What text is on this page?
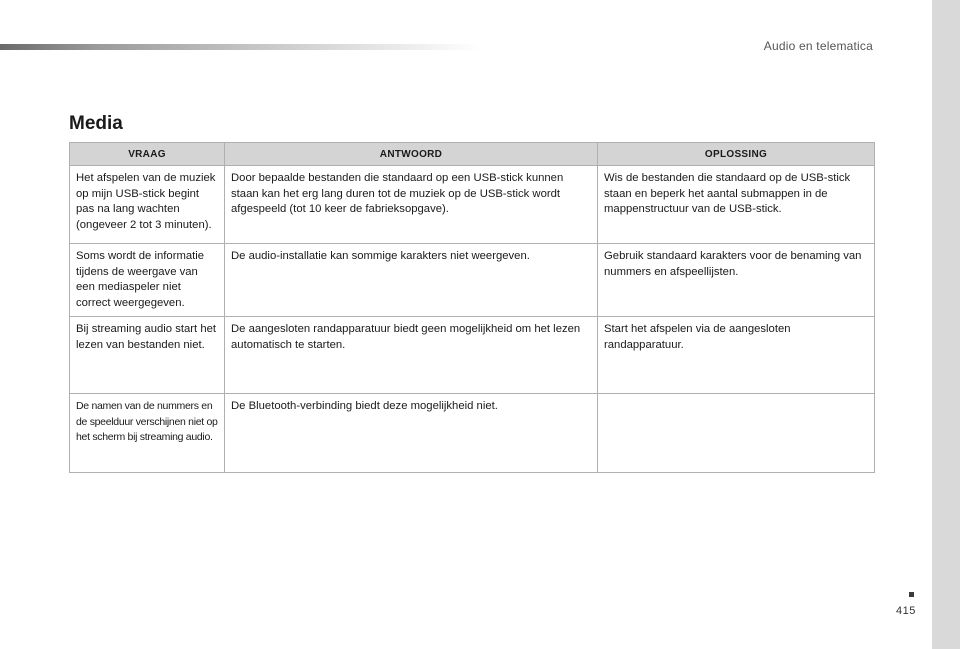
Audio en telematica
Media
VRAAG	ANTWOORD	OPLOSSING
Het afspelen van de muziek op mijn USB-stick begint pas na lang wachten (ongeveer 2 tot 3 minuten).	Door bepaalde bestanden die standaard op een USB-stick kunnen staan kan het erg lang duren tot de muziek op de USB-stick wordt afgespeeld (tot 10 keer de fabrieksopgave).	Wis de bestanden die standaard op de USB-stick staan en beperk het aantal submappen in de mappenstructuur van de USB-stick.
Soms wordt de informatie tijdens de weergave van een mediaspeler niet correct weergegeven.	De audio-installatie kan sommige karakters niet weergeven.	Gebruik standaard karakters voor de benaming van nummers en afspeellijsten.
Bij streaming audio start het lezen van bestanden niet.	De aangesloten randapparatuur biedt geen mogelijkheid om het lezen automatisch te starten.	Start het afspelen via de aangesloten randapparatuur.
De namen van de nummers en de speelduur verschijnen niet op het scherm bij streaming audio.	De Bluetooth-verbinding biedt deze mogelijkheid niet.	
415
